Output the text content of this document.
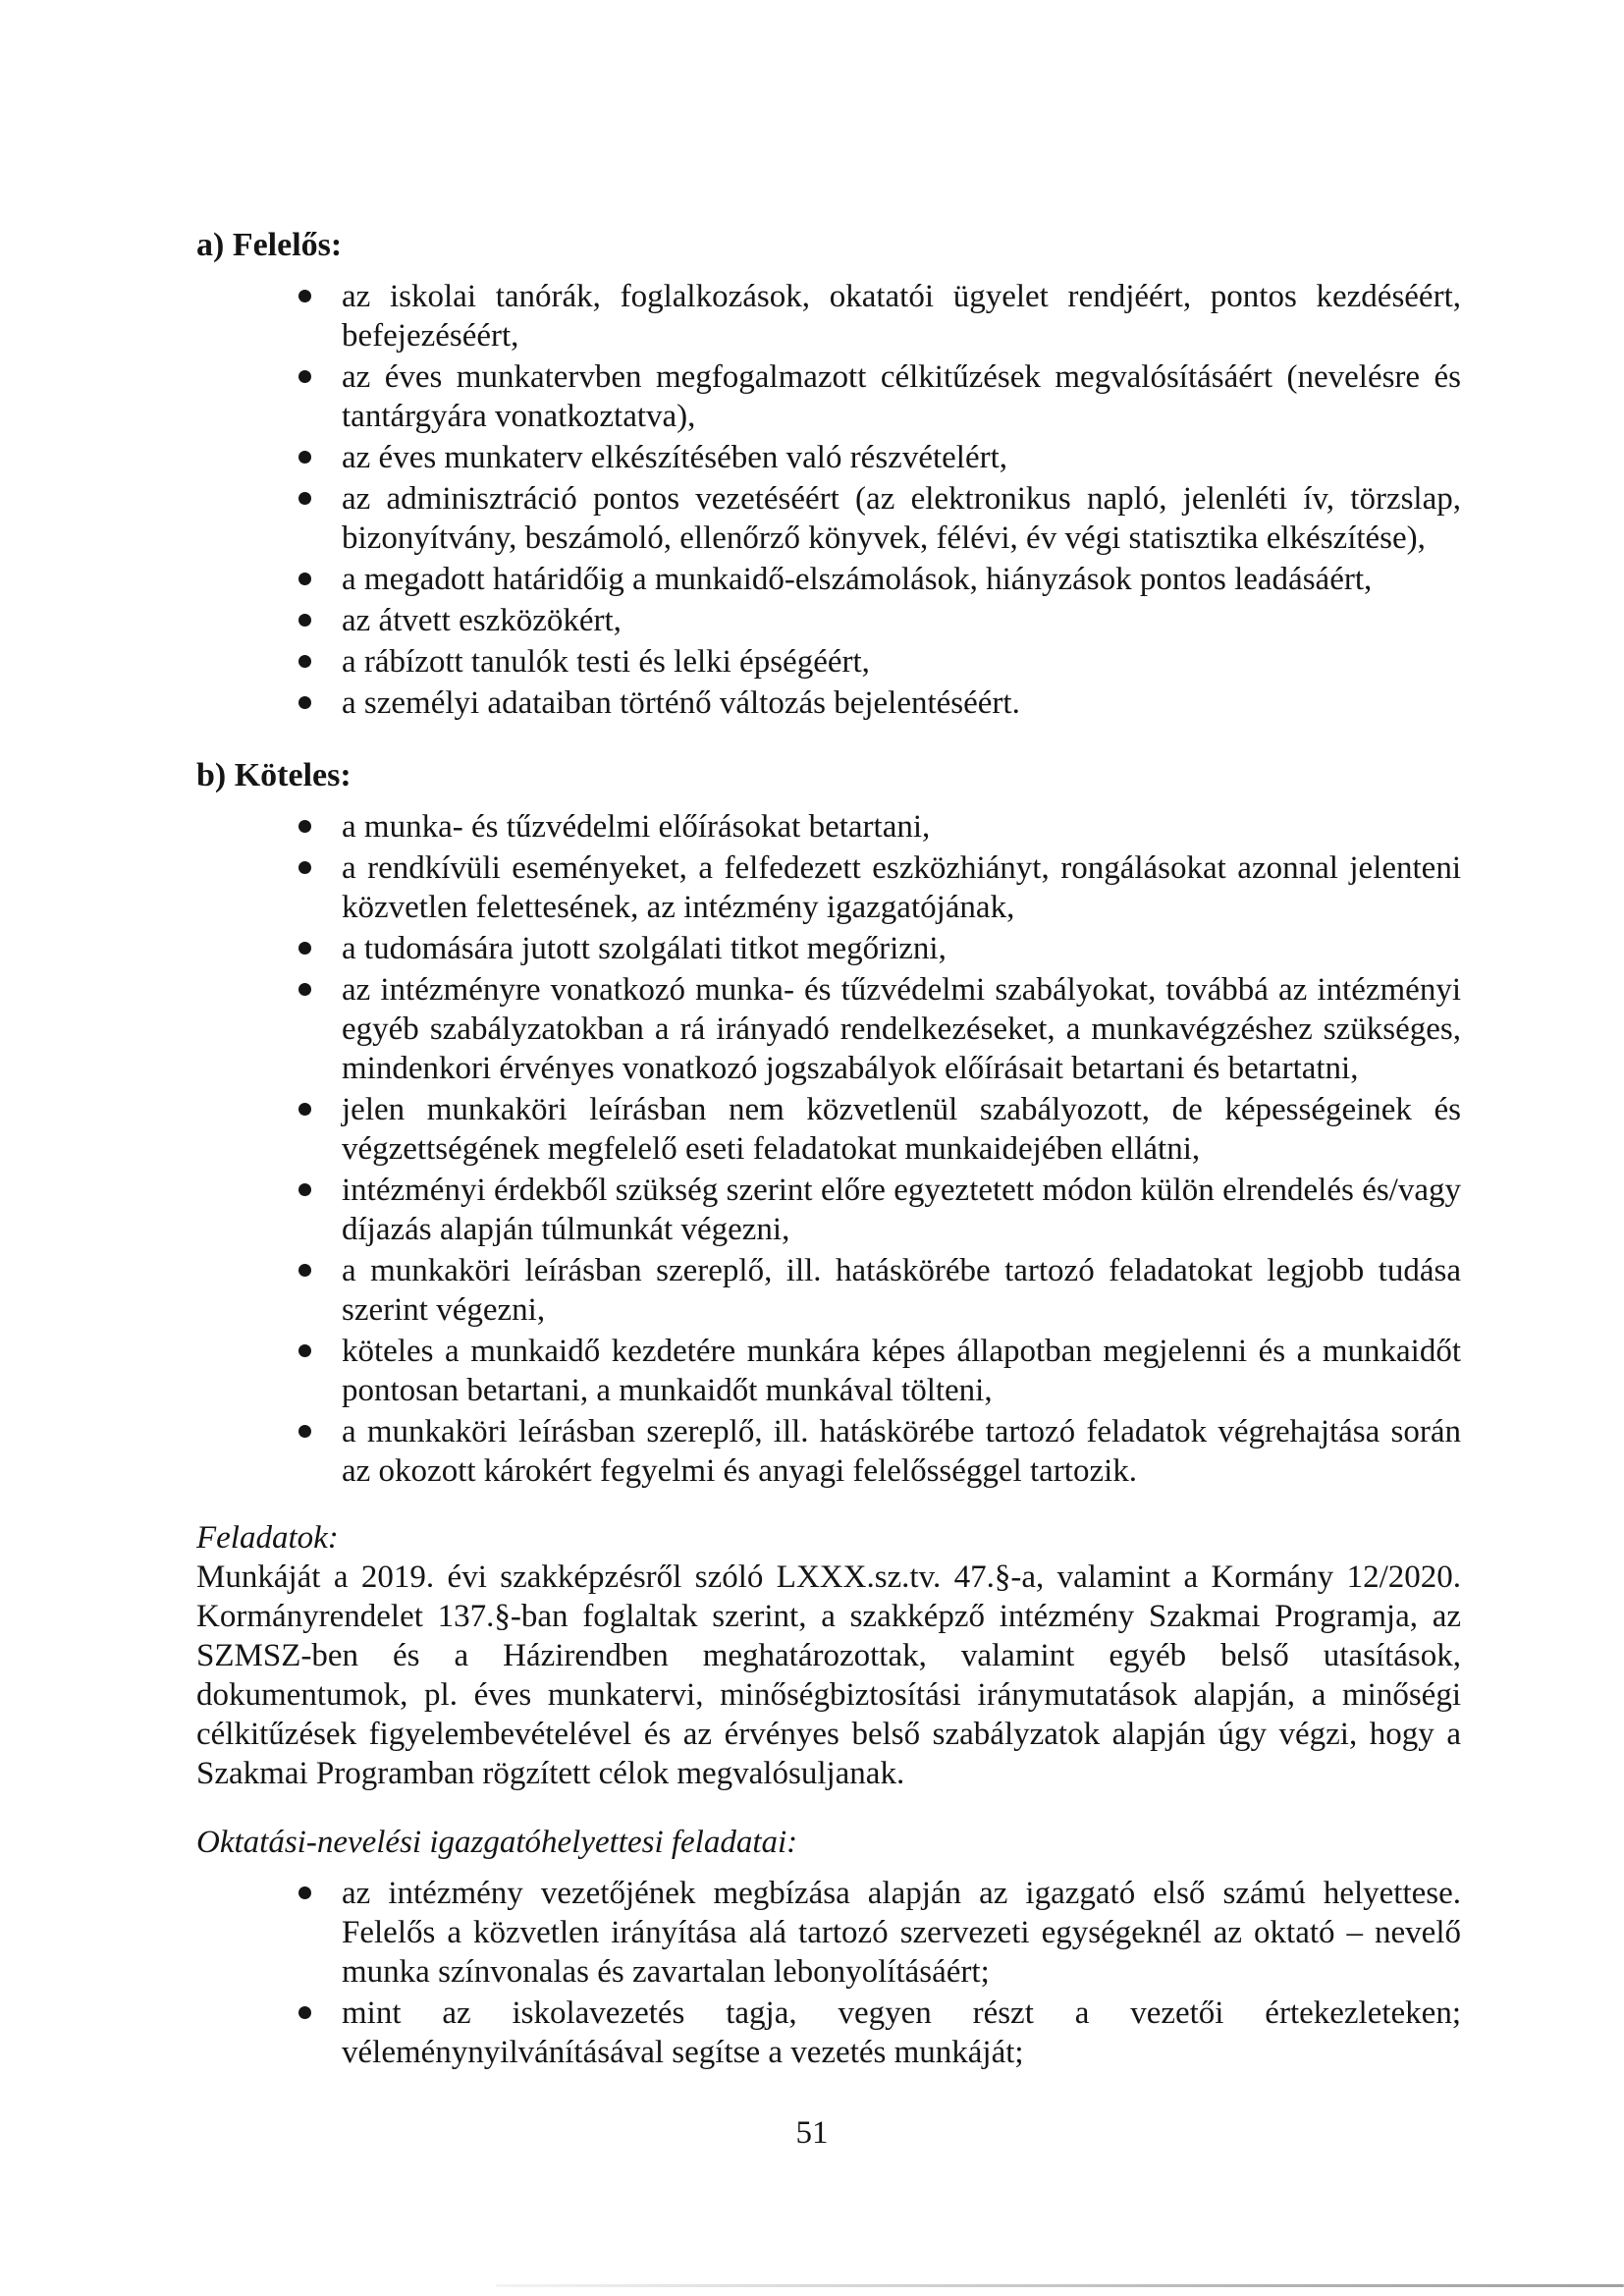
a) Felelős:
az iskolai tanórák, foglalkozások, okatatói ügyelet rendjéért, pontos kezdéséért, befejezéséért,
az éves munkatervben megfogalmazott célkitűzések megvalósításáért (nevelésre és tantárgyára vonatkoztatva),
az éves munkaterv elkészítésében való részvételért,
az adminisztráció pontos vezetéséért (az elektronikus napló, jelenléti ív, törzslap, bizonyítvány, beszámoló, ellenőrző könyvek, félévi, év végi statisztika elkészítése),
a megadott határidőig a munkaidő-elszámolások, hiányzások pontos leadásáért,
az átvett eszközökért,
a rábízott tanulók testi és lelki épségéért,
a személyi adataiban történő változás bejelentéséért.
b) Köteles:
a munka- és tűzvédelmi előírásokat betartani,
a rendkívüli eseményeket, a felfedezett eszközhiányt, rongálásokat azonnal jelenteni közvetlen felettesének, az intézmény igazgatójának,
a tudomására jutott szolgálati titkot megőrizni,
az intézményre vonatkozó munka- és tűzvédelmi szabályokat, továbbá az intézményi egyéb szabályzatokban a rá irányadó rendelkezéseket, a munkavégzéshez szükséges, mindenkori érvényes vonatkozó jogszabályok előírásait betartani és betartatni,
jelen munkaköri leírásban nem közvetlenül szabályozott, de képességeinek és végzettségének megfelelő eseti feladatokat munkaidejében ellátni,
intézményi érdekből szükség szerint előre egyeztetett módon külön elrendelés és/vagy díjazás alapján túlmunkát végezni,
a munkaköri leírásban szereplő, ill. hatáskörébe tartozó feladatokat legjobb tudása szerint végezni,
köteles a munkaidő kezdetére munkára képes állapotban megjelenni és a munkaidőt pontosan betartani, a munkaidőt munkával tölteni,
a munkaköri leírásban szereplő, ill. hatáskörébe tartozó feladatok végrehajtása során az okozott károkért fegyelmi és anyagi felelősséggel tartozik.
Feladatok:

Munkáját a 2019. évi szakképzésről szóló LXXX.sz.tv. 47.§-a, valamint a Kormány 12/2020. Kormányrendelet 137.§-ban foglaltak szerint, a szakképző intézmény Szakmai Programja, az SZMSZ-ben és a Házirendben meghatározottak, valamint egyéb belső utasítások, dokumentumok, pl. éves munkatervi, minőségbiztosítási iránymutatások alapján, a minőségi célkitűzések figyelembevételével és az érvényes belső szabályzatok alapján úgy végzi, hogy a Szakmai Programban rögzített célok megvalósuljanak.

Oktatási-nevelési igazgatóhelyettesi feladatai:
az intézmény vezetőjének megbízása alapján az igazgató első számú helyettese. Felelős a közvetlen irányítása alá tartozó szervezeti egységeknél az oktató – nevelő munka színvonalas és zavartalan lebonyolításáért;
mint az iskolavezetés tagja, vegyen részt a vezetői értekezleteken; véleménynyilvánításával segítse a vezetés munkáját;
51
